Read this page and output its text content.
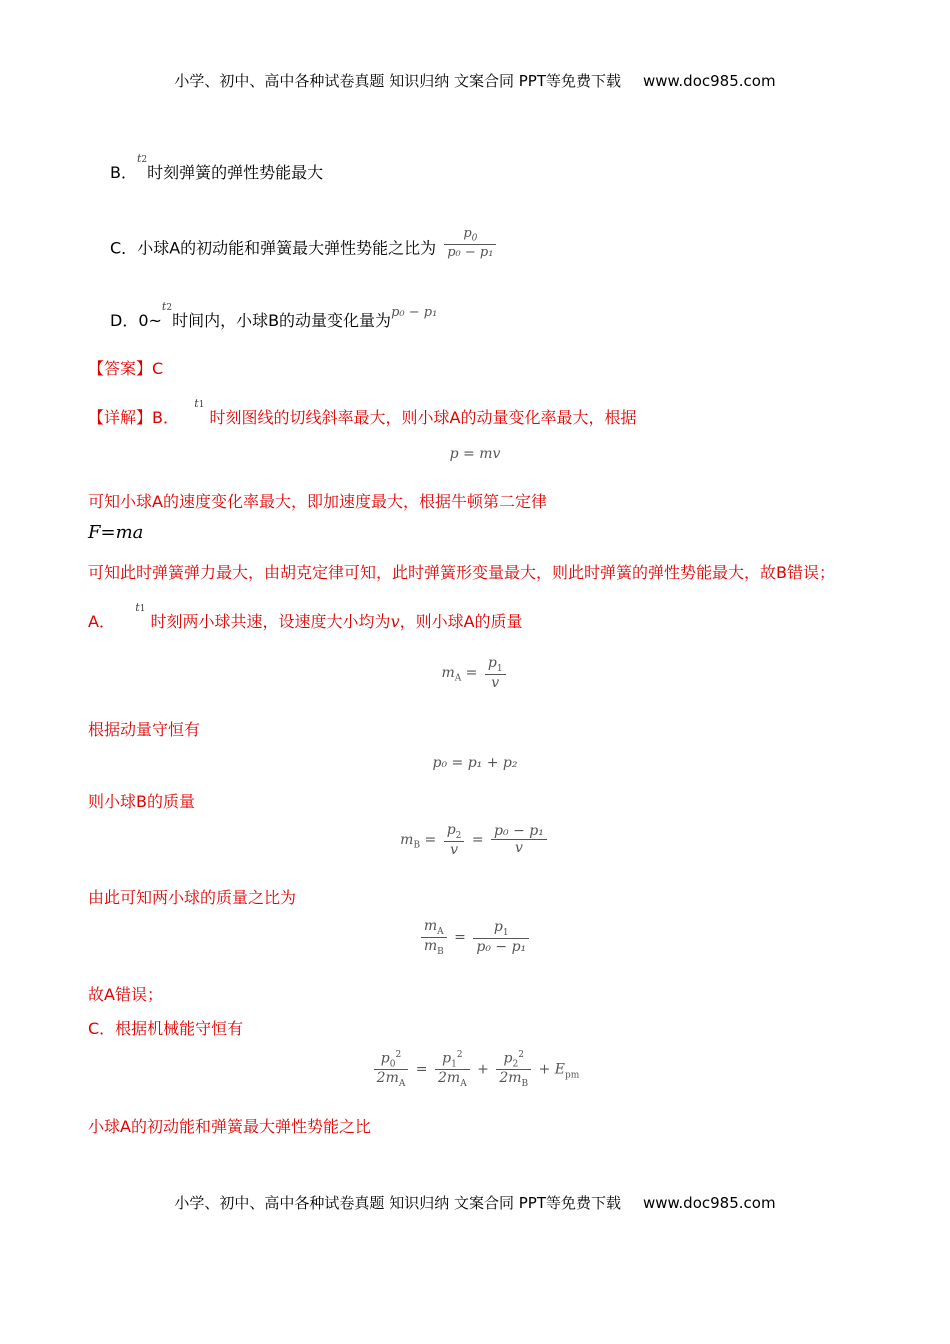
小学、初中、高中各种试卷真题 知识归纳 文案合同 PPT等免费下载 www.doc985.com
B．$^{t2}$时刻弹簧的弹性势能最大
C．小球A的初动能和弹簧最大弹性势能之比为 $\frac{p_0}{\text{p₀ − p₁}}$
D．0~$^{t2}$时间内，小球B的动量变化量为$^{p_0 - p_1}$
【答案】C
【详解】B．   $^{t1}$ 时刻图线的切线斜率最大，则小球A的动量变化率最大，根据
p = mv
可知小球A的速度变化率最大，即加速度最大，根据牛顿第二定律
F=ma
可知此时弹簧弹力最大，由胡克定律可知，此时弹簧形变量最大，则此时弹簧的弹性势能最大，故B错误；
A．    $^{t1}$ 时刻两小球共速，设速度大小均为v，则小球A的质量
$m_A = \frac{p_1}{v}$
根据动量守恒有
p₀ = p₁ + p₂
则小球B的质量
$m_B = \frac{p_2}{v} = \frac{\text{p₀ − p₁}}{v}$
由此可知两小球的质量之比为
$\frac{m_A}{m_B} = \frac{p_1}{\text{p₀ − p₁}}$
故A错误；
C．根据机械能守恒有
$\frac{p_0^2}{2m_A} = \frac{p_1^2}{2m_A} + \frac{p_2^2}{2m_B} + E_{pm}$
小球A的初动能和弹簧最大弹性势能之比
小学、初中、高中各种试卷真题 知识归纳 文案合同 PPT等免费下载 www.doc985.com
